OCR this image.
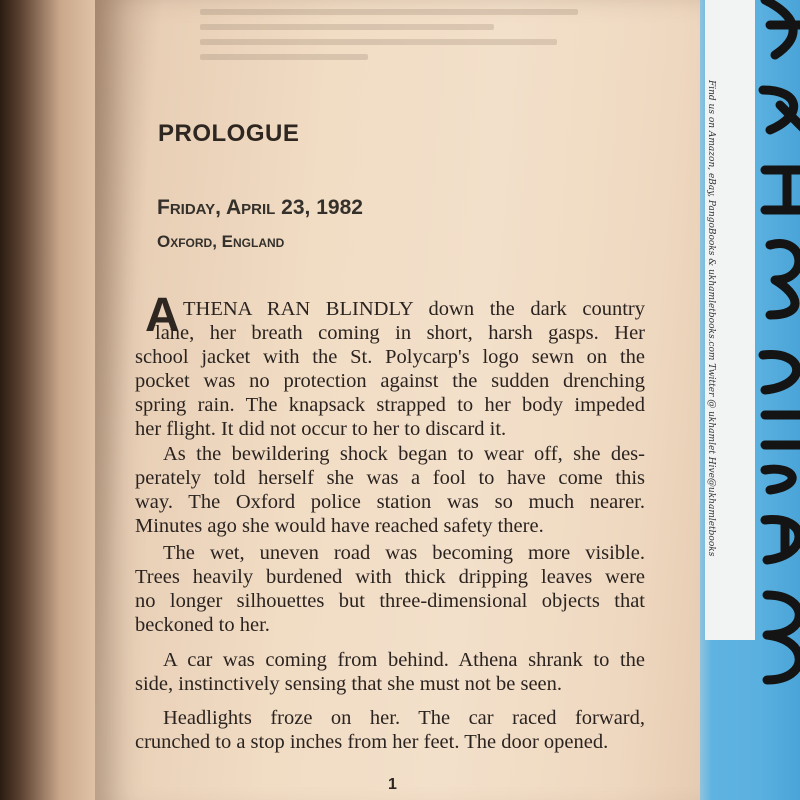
Find us on Amazon, eBay, PangoBooks & ukhamletbooks.com Twitter @ ukhamlet Hive@ukhamletbooks
PROLOGUE
Friday, April 23, 1982
Oxford, England
A THENA RAN BLINDLY down the dark country
lane, her breath coming in short, harsh gasps. Her
school jacket with the St. Polycarp's logo sewn on the
pocket was no protection against the sudden drenching
spring rain. The knapsack strapped to her body impeded
her flight. It did not occur to her to discard it.
As the bewildering shock began to wear off, she des-
perately told herself she was a fool to have come this
way. The Oxford police station was so much nearer.
Minutes ago she would have reached safety there.
The wet, uneven road was becoming more visible.
Trees heavily burdened with thick dripping leaves were
no longer silhouettes but three-dimensional objects that
beckoned to her.
A car was coming from behind. Athena shrank to the
side, instinctively sensing that she must not be seen.
Headlights froze on her. The car raced forward,
crunched to a stop inches from her feet. The door opened.
1
